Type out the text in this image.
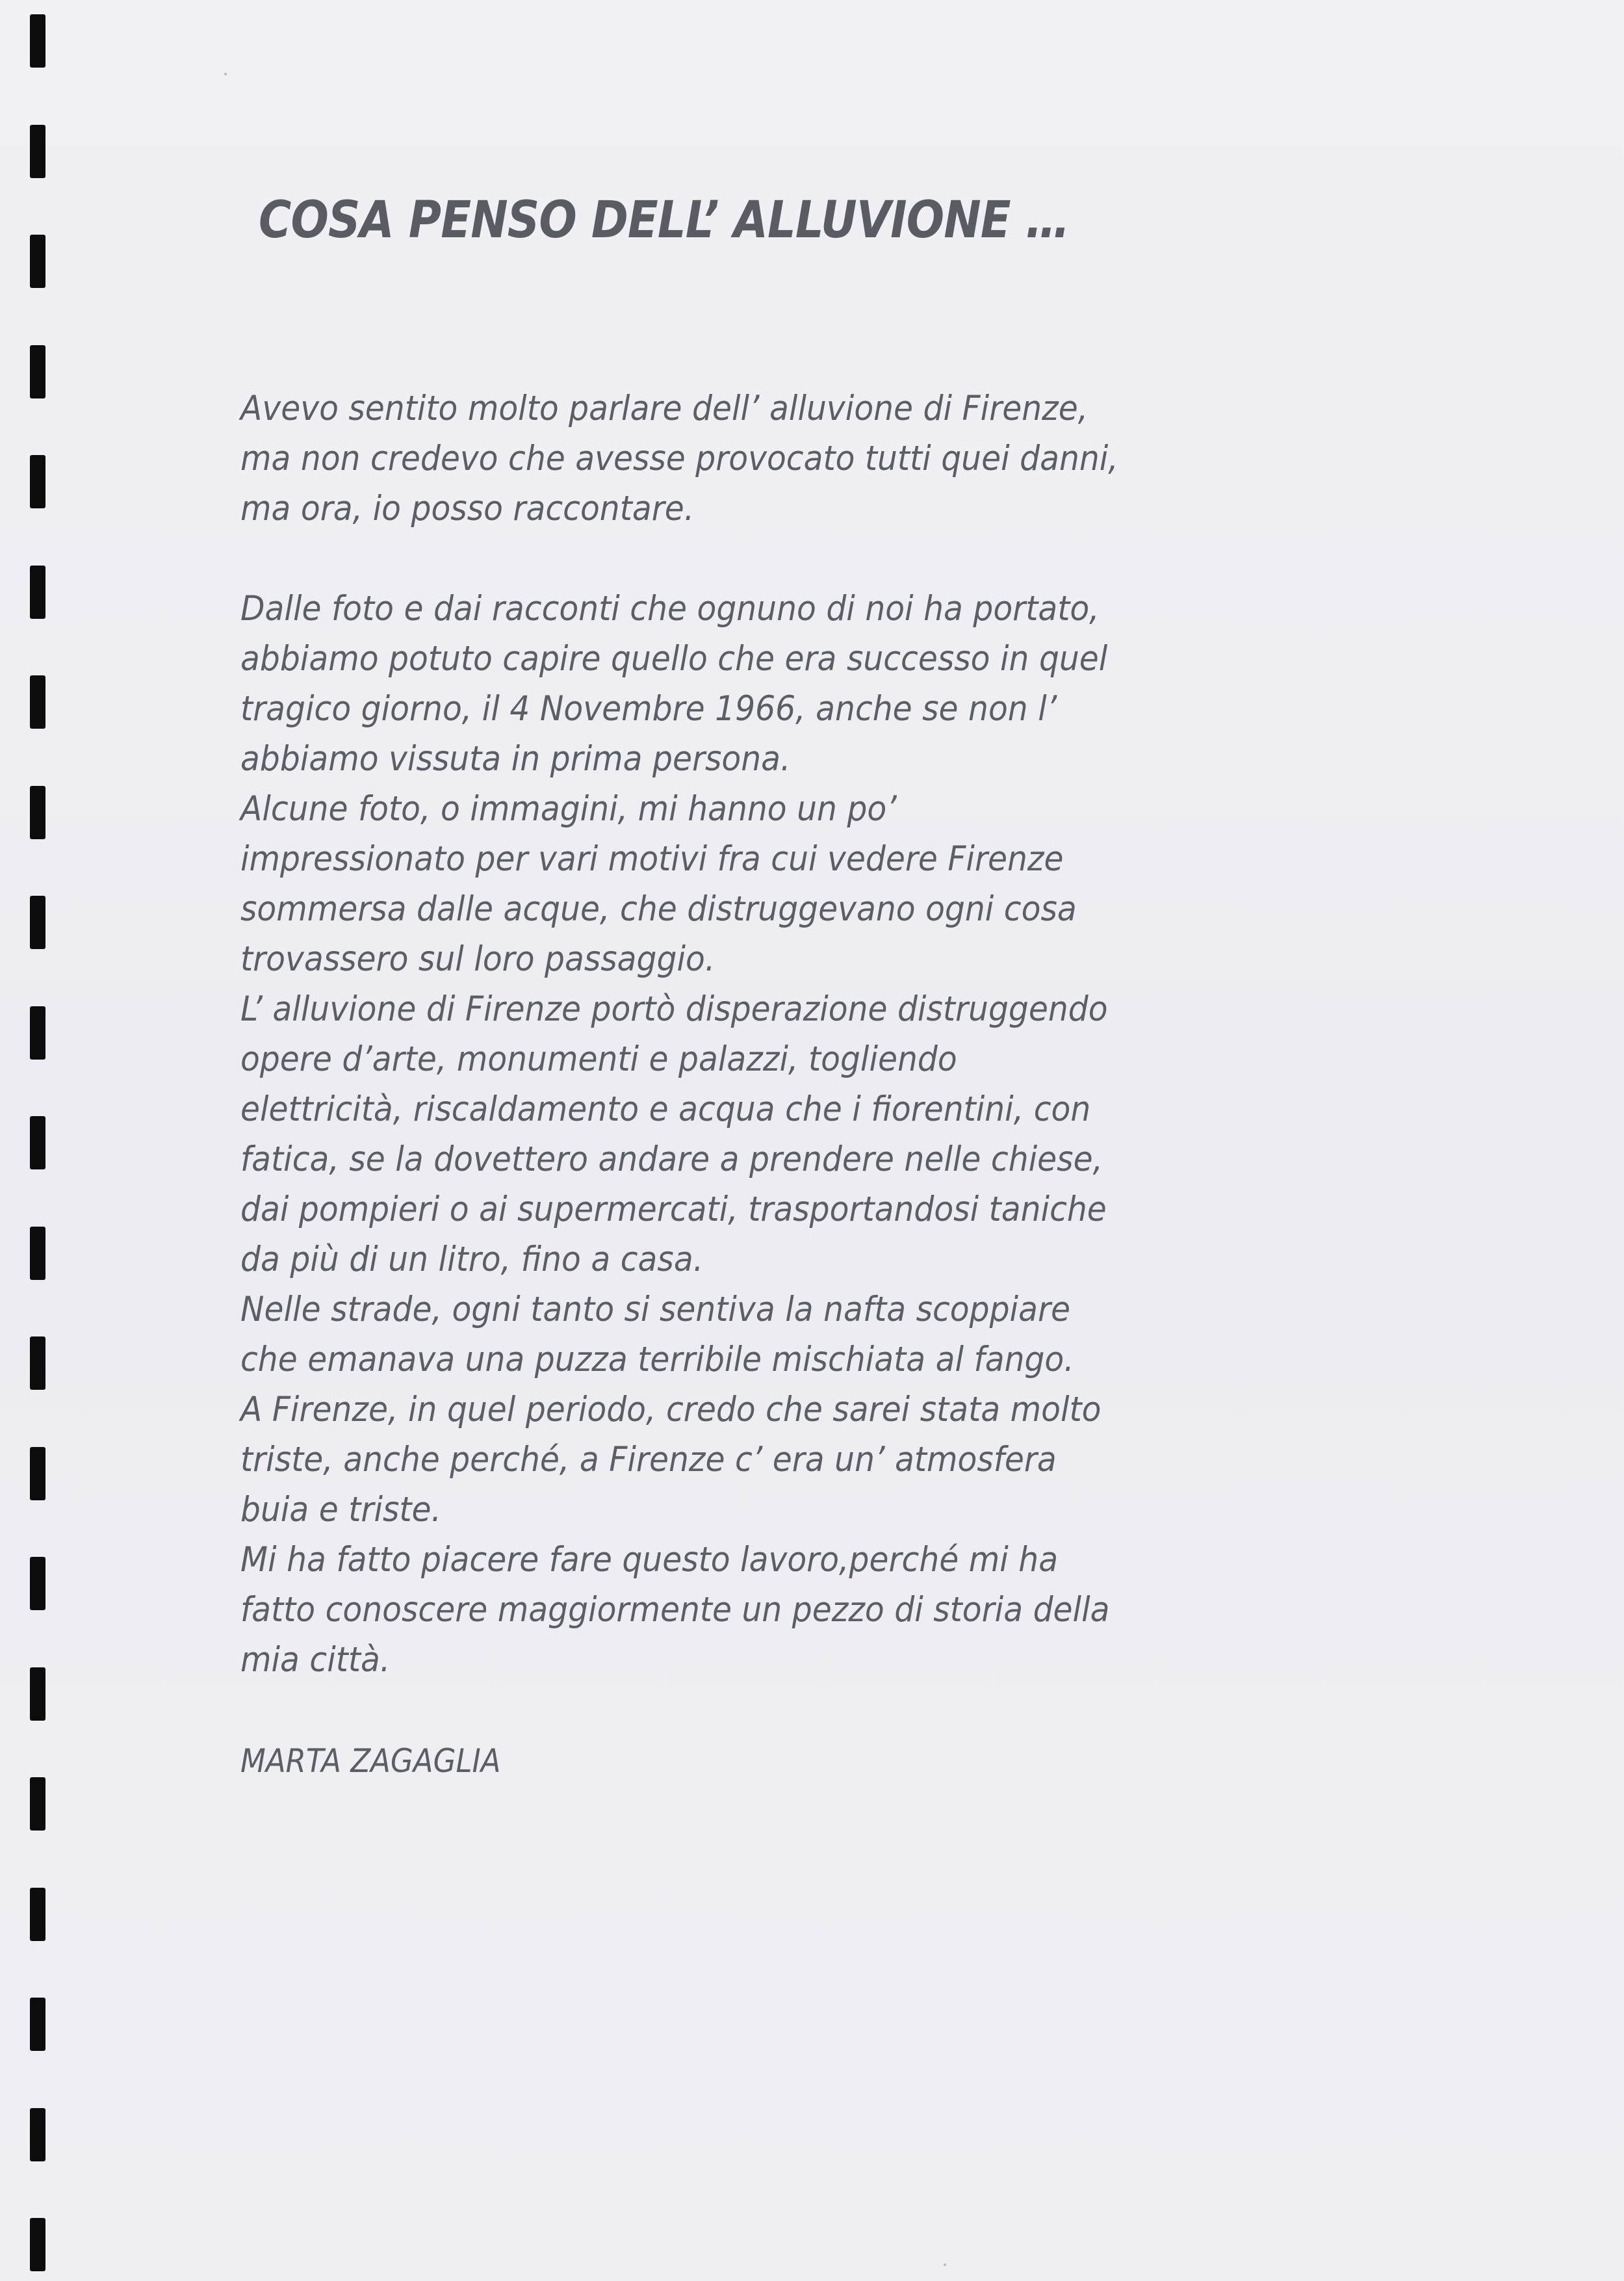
COSA PENSO DELL’ ALLUVIONE …
Avevo sentito molto parlare dell’ alluvione di Firenze,
ma non credevo che avesse provocato tutti quei danni,
ma ora, io posso raccontare.
Dalle foto e dai racconti che ognuno di noi ha portato,
abbiamo potuto capire quello che era successo in quel
tragico giorno, il 4 Novembre 1966, anche se non l’
abbiamo vissuta in prima persona.
Alcune foto, o immagini, mi hanno un po’
impressionato per vari motivi fra cui vedere Firenze
sommersa dalle acque, che distruggevano ogni cosa
trovassero sul loro passaggio.
L’ alluvione di Firenze portò disperazione distruggendo
opere d’arte, monumenti e palazzi, togliendo
elettricità, riscaldamento e acqua che i fiorentini, con
fatica, se la dovettero andare a prendere nelle chiese,
dai pompieri o ai supermercati, trasportandosi taniche
da più di un litro, fino a casa.
Nelle strade, ogni tanto si sentiva la nafta scoppiare
che emanava una puzza terribile mischiata al fango.
A Firenze, in quel periodo, credo che sarei stata molto
triste, anche perché, a Firenze c’ era un’ atmosfera
buia e triste.
Mi ha fatto piacere fare questo lavoro,perché mi ha
fatto conoscere maggiormente un pezzo di storia della
mia città.
MARTA ZAGAGLIA
